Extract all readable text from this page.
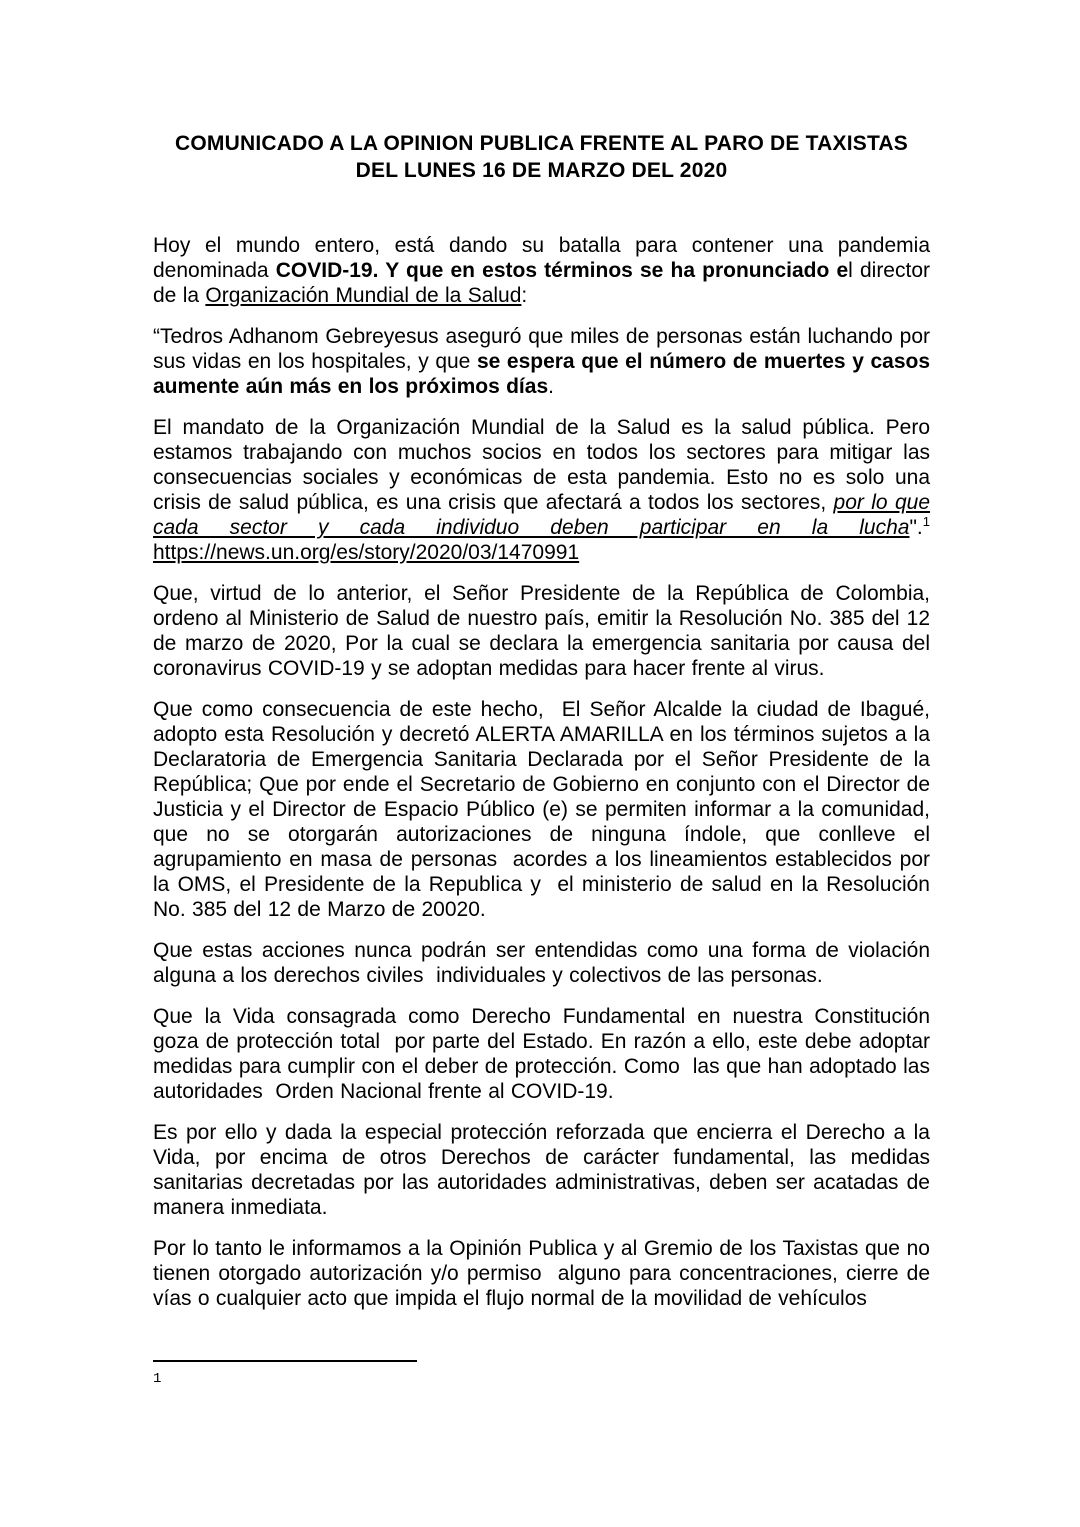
COMUNICADO A LA OPINION PUBLICA FRENTE AL PARO DE TAXISTAS
DEL LUNES 16 DE MARZO DEL 2020

Hoy el mundo entero, está dando su batalla para contener una pandemia denominada COVID-19. Y que en estos términos se ha pronunciado el director de la Organización Mundial de la Salud:

“Tedros Adhanom Gebreyesus aseguró que miles de personas están luchando por sus vidas en los hospitales, y que se espera que el número de muertes y casos aumente aún más en los próximos días.

El mandato de la Organización Mundial de la Salud es la salud pública. Pero estamos trabajando con muchos socios en todos los sectores para mitigar las consecuencias sociales y económicas de esta pandemia. Esto no es solo una crisis de salud pública, es una crisis que afectará a todos los sectores, por lo que cada sector y cada individuo deben participar en la lucha".$^1$ https://news.un.org/es/story/2020/03/1470991

Que, virtud de lo anterior, el Señor Presidente de la República de Colombia, ordeno al Ministerio de Salud de nuestro país, emitir la Resolución No. 385 del 12 de marzo de 2020, Por la cual se declara la emergencia sanitaria por causa del coronavirus COVID-19 y se adoptan medidas para hacer frente al virus.

Que como consecuencia de este hecho,  El Señor Alcalde la ciudad de Ibagué, adopto esta Resolución y decretó ALERTA AMARILLA en los términos sujetos a la Declaratoria de Emergencia Sanitaria Declarada por el Señor Presidente de la República; Que por ende el Secretario de Gobierno en conjunto con el Director de Justicia y el Director de Espacio Público (e) se permiten informar a la comunidad, que no se otorgarán autorizaciones de ninguna índole, que conlleve el agrupamiento en masa de personas  acordes a los lineamientos establecidos por la OMS, el Presidente de la Republica y  el ministerio de salud en la Resolución No. 385 del 12 de Marzo de 20020.

Que estas acciones nunca podrán ser entendidas como una forma de violación alguna a los derechos civiles  individuales y colectivos de las personas.

Que la Vida consagrada como Derecho Fundamental en nuestra Constitución goza de protección total  por parte del Estado. En razón a ello, este debe adoptar medidas para cumplir con el deber de protección. Como  las que han adoptado las autoridades  Orden Nacional frente al COVID-19.

Es por ello y dada la especial protección reforzada que encierra el Derecho a la Vida, por encima de otros Derechos de carácter fundamental, las medidas sanitarias decretadas por las autoridades administrativas, deben ser acatadas de manera inmediata.

Por lo tanto le informamos a la Opinión Publica y al Gremio de los Taxistas que no tienen otorgado autorización y/o permiso  alguno para concentraciones, cierre de vías o cualquier acto que impida el flujo normal de la movilidad de vehículos

1
